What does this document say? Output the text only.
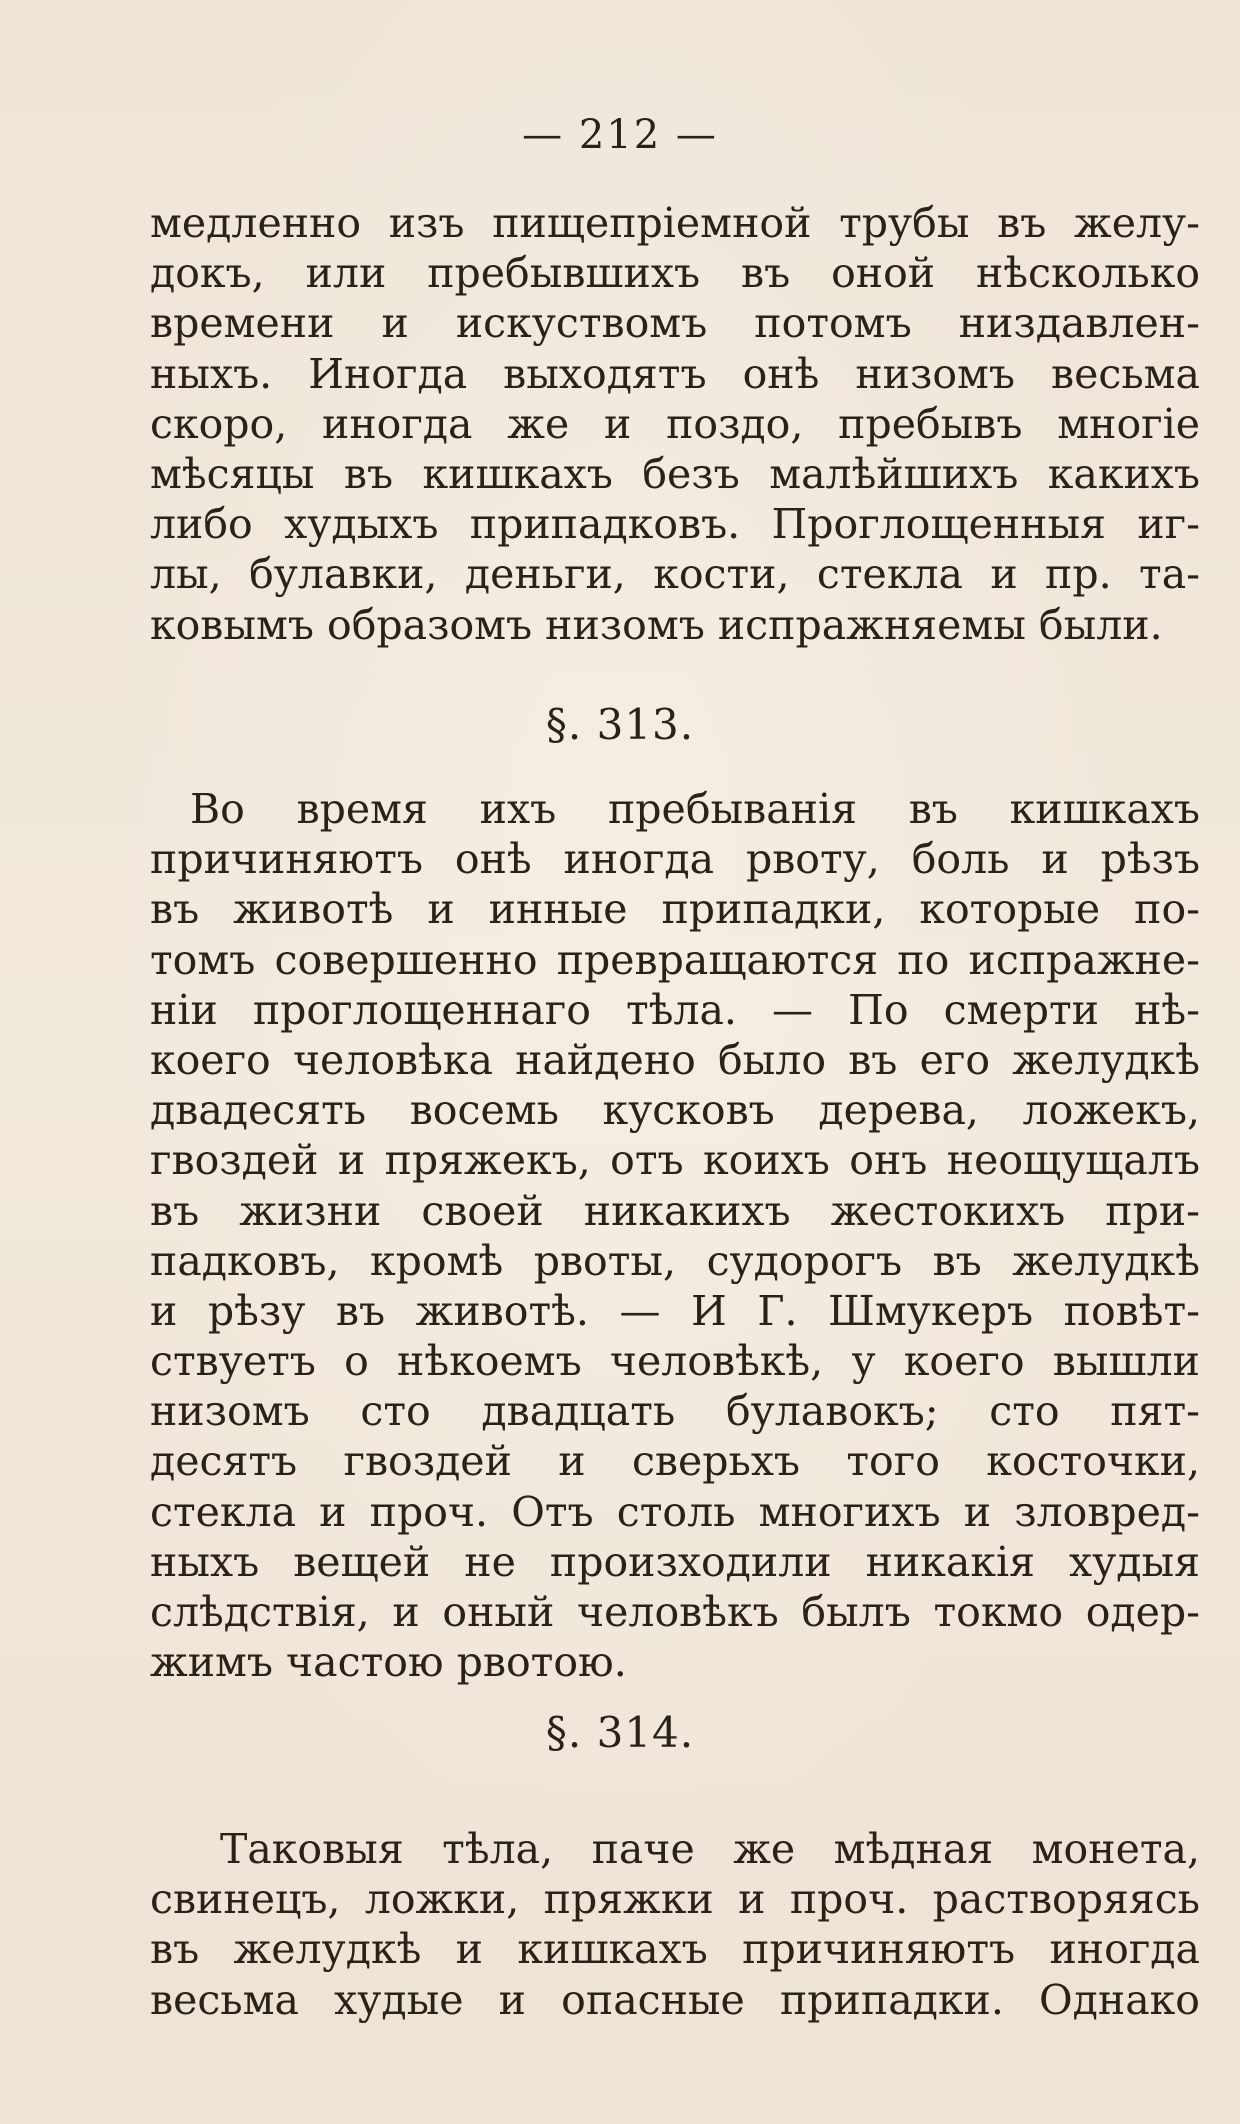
— 212 —
медленно изъ пищепріемной трубы въ желу-
докъ, или пребывшихъ въ оной нѣсколько
времени и искуствомъ потомъ низдавлен-
ныхъ. Иногда выходятъ онѣ низомъ весьма
скоро, иногда же и поздо, пребывъ многіе
мѣсяцы въ кишкахъ безъ малѣйшихъ какихъ
либо худыхъ припадковъ. Проглощенныя иг-
лы, булавки, деньги, кости, стекла и пр. та-
ковымъ образомъ низомъ испражняемы были.
§. 313.
Во время ихъ пребыванія въ кишкахъ
причиняютъ онѣ иногда рвоту, боль и рѣзъ
въ животѣ и инные припадки, которые по-
томъ совершенно превращаются по испражне-
ніи проглощеннаго тѣла. — По смерти нѣ-
коего человѣка найдено было въ его желудкѣ
двадесять восемь кусковъ дерева, ложекъ,
гвоздей и пряжекъ, отъ коихъ онъ неощущалъ
въ жизни своей никакихъ жестокихъ при-
падковъ, кромѣ рвоты, судорогъ въ желудкѣ
и рѣзу въ животѣ. — И Г. Шмукеръ повѣт-
ствуетъ о нѣкоемъ человѣкѣ, у коего вышли
низомъ сто двадцать булавокъ; сто пят-
десятъ гвоздей и сверьхъ того косточки,
стекла и проч. Отъ столь многихъ и зловред-
ныхъ вещей не произходили никакія худыя
слѣдствія, и оный человѣкъ былъ токмо одер-
жимъ частою рвотою.
§. 314.
Таковыя тѣла, паче же мѣдная монета,
свинецъ, ложки, пряжки и проч. растворяясь
въ желудкѣ и кишкахъ причиняютъ иногда
весьма худые и опасные припадки. Однако
